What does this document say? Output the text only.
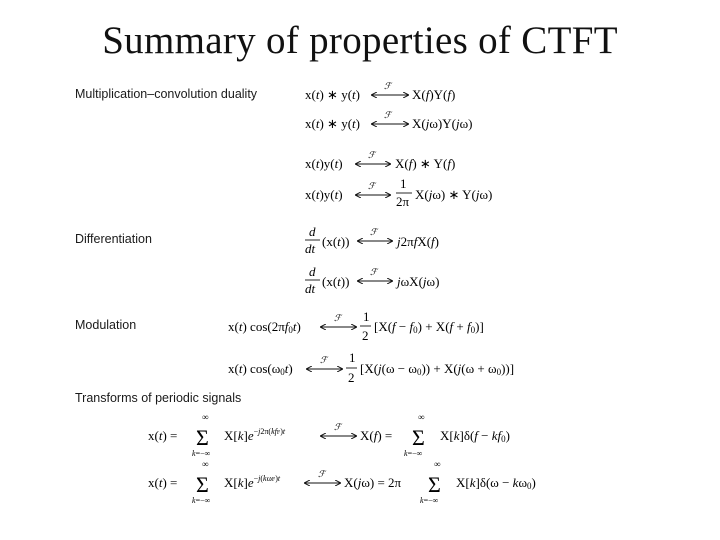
Summary of properties of CTFT
Multiplication–convolution duality
Differentiation
Modulation
Transforms of periodic signals
x(t) ∗ y(t)
ℱ
X(f)Y(f)
x(t) ∗ y(t)
ℱ
X(jω)Y(jω)
x(t)y(t)
ℱ
X(f) ∗ Y(f)
x(t)y(t)
ℱ 1
2π X(jω) ∗ Y(jω)
d
dt (x(t))
ℱ
j2πfX(f)
d
dt (x(t))
ℱ
jωX(jω)
x(t) cos(2πf0t)
ℱ 1
2
[X(f − f0) + X(f + f0)]
x(t) cos(ω0t)
ℱ 1
2
[X(j(ω − ω0)) + X(j(ω + ω0))]
x(t) =
∞
Σ
k=−∞
$X[k]e^{-j2\pi(kfF)t}$	ℱ
X(f) =
∞
Σ
k=−∞
X[k]δ(f − kf0)
x(t) =
∞
Σ
k=−∞
$X[k]e^{-j(k\omega F)t}$	ℱ
X(jω) = 2π
∞
Σ
k=−∞
X[k]δ(ω − kω0)
